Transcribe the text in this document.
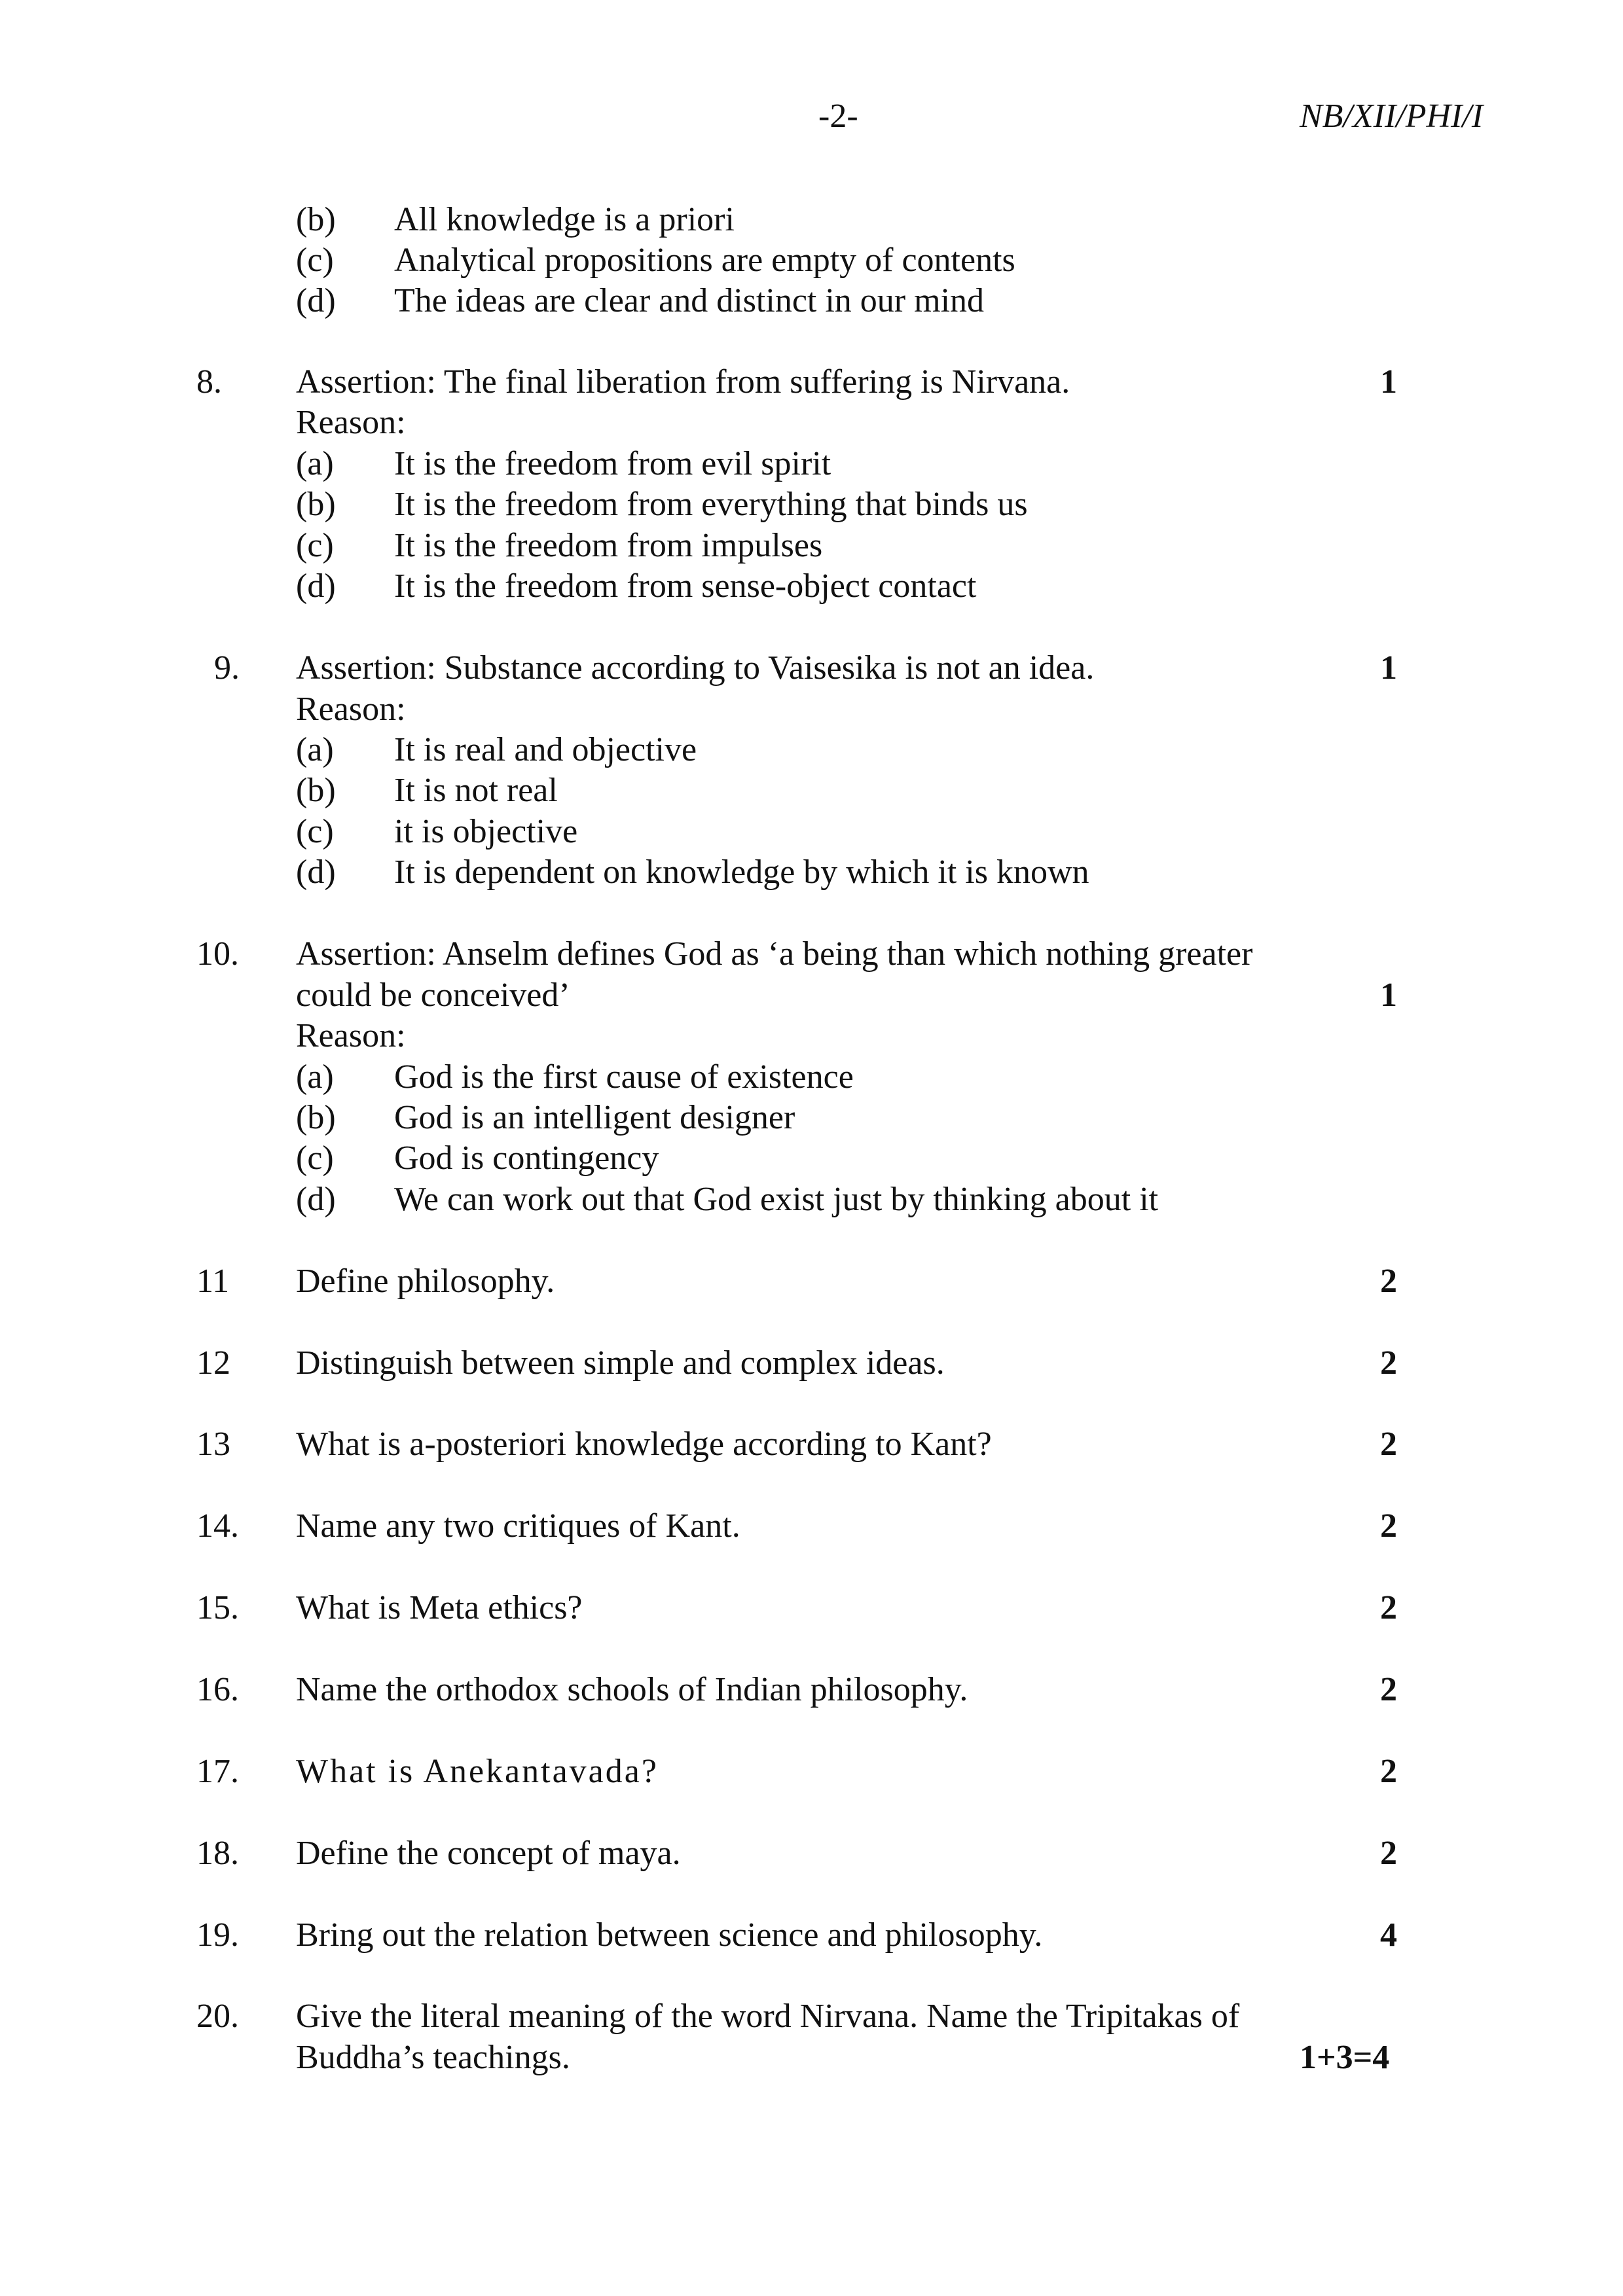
-2-	NB/XII/PHI/I
(b) All knowledge is a priori
(c) Analytical propositions are empty of contents
(d) The ideas are clear and distinct in our mind
8. Assertion: The final liberation from suffering is Nirvana.	1
Reason:
(a) It is the freedom from evil spirit
(b) It is the freedom from everything that binds us
(c) It is the freedom from impulses
(d) It is the freedom from sense-object contact
9. Assertion: Substance according to Vaisesika is not an idea.	1
Reason:
(a) It is real and objective
(b) It is not real
(c) it is objective
(d) It is dependent on knowledge by which it is known
10. Assertion: Anselm defines God as ‘a being than which nothing greater
could be conceived’	1
Reason:
(a) God is the first cause of existence
(b) God is an intelligent designer
(c) God is contingency
(d) We can work out that God exist just by thinking about it
11 Define philosophy.	2
12 Distinguish between simple and complex ideas.	2
13 What is a-posteriori knowledge according to Kant?	2
14. Name any two critiques of Kant.	2
15. What is Meta ethics?	2
16. Name the orthodox schools of Indian philosophy.	2
17. What is Anekantavada?	2
18. Define the concept of maya.	2
19. Bring out the relation between science and philosophy.	4
20. Give the literal meaning of the word Nirvana. Name the Tripitakas of
Buddha’s teachings.	1+3=4
